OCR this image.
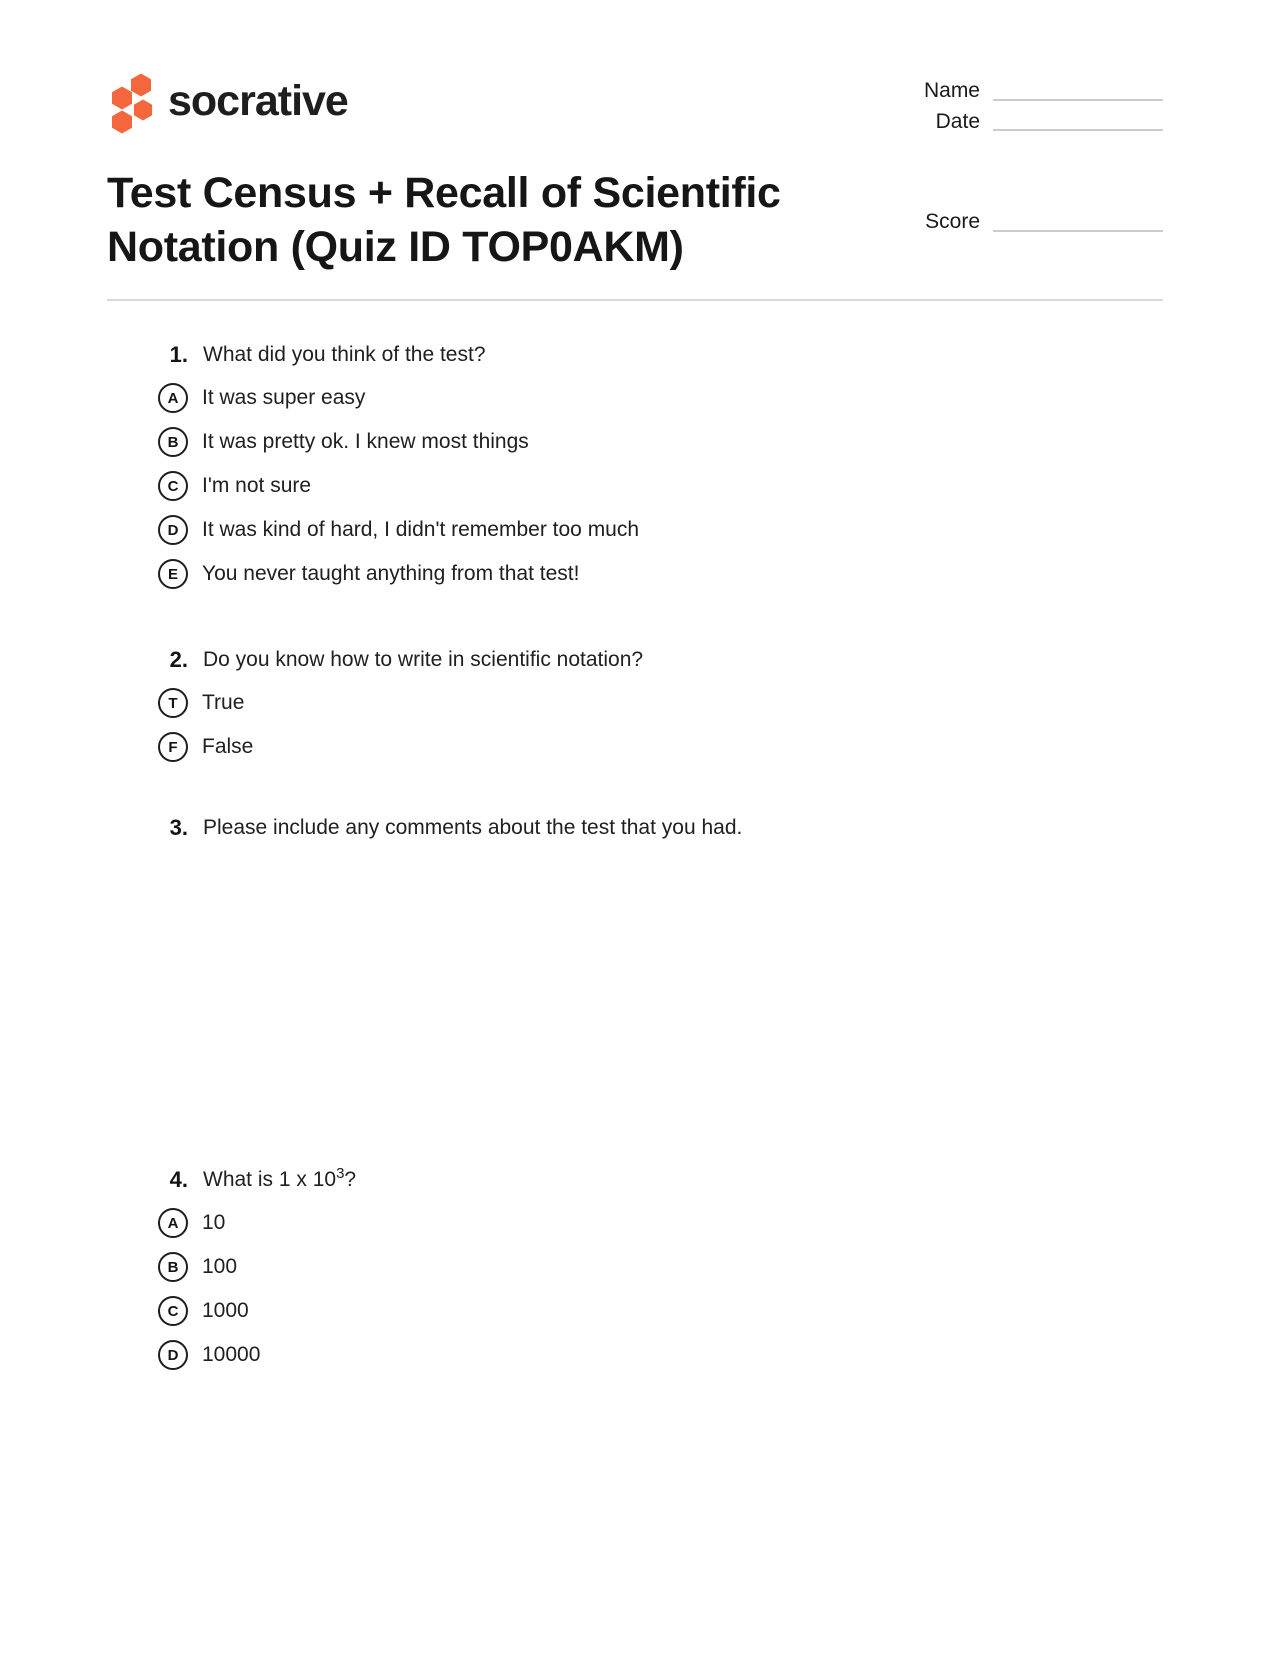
socrative	Name
Date
Score
Test Census + Recall of Scientific Notation (Quiz ID TOP0AKM)
1. What did you think of the test?
A	It was super easy
B	It was pretty ok. I knew most things
C	I'm not sure
D	It was kind of hard, I didn't remember too much
E	You never taught anything from that test!
2. Do you know how to write in scientific notation?
T	True
F	False
3. Please include any comments about the test that you had.
4. What is 1 x $10^3$?
A	10
B	100
C	1000
D	10000
